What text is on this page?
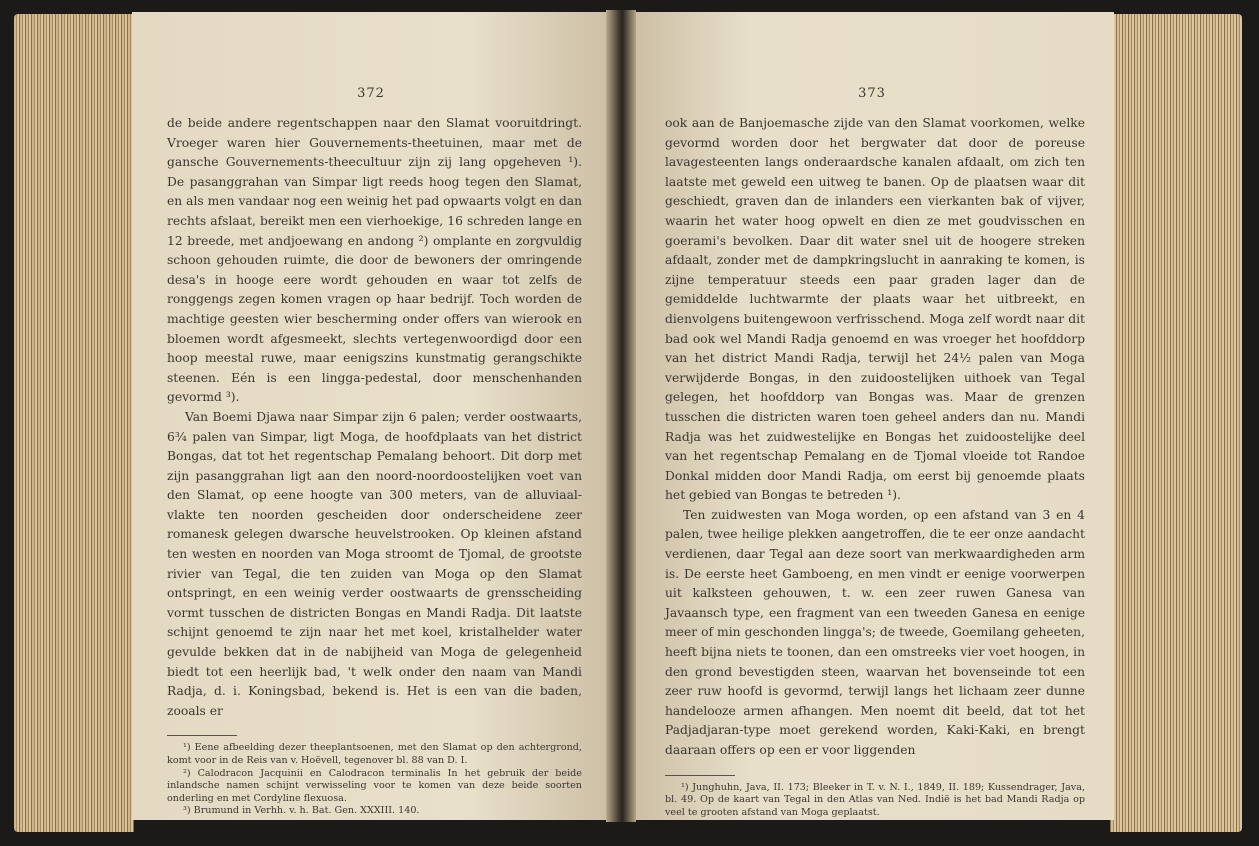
372

de beide andere regentschappen naar den Slamat vooruitdringt. Vroeger waren hier Gouvernements-theetuinen, maar met de gansche Gouvernements-theecultuur zijn zij lang opgeheven ¹). De pasanggrahan van Simpar ligt reeds hoog tegen den Slamat, en als men vandaar nog een weinig het pad opwaarts volgt en dan rechts afslaat, bereikt men een vierhoekige, 16 schreden lange en 12 breede, met andjoewang en andong ²) omplante en zorgvuldig schoon gehouden ruimte, die door de bewoners der omringende desa's in hooge eere wordt gehouden en waar tot zelfs de ronggengs zegen komen vragen op haar bedrijf. Toch worden de machtige geesten wier bescherming onder offers van wierook en bloemen wordt afgesmeekt, slechts vertegenwoordigd door een hoop meestal ruwe, maar eenigszins kunstmatig gerangschikte steenen. Eén is een lingga-pedestal, door menschenhanden gevormd ³).

Van Boemi Djawa naar Simpar zijn 6 palen; verder oostwaarts, 6¾ palen van Simpar, ligt Moga, de hoofdplaats van het district Bongas, dat tot het regentschap Pemalang behoort. Dit dorp met zijn pasanggrahan ligt aan den noord-noordoostelijken voet van den Slamat, op eene hoogte van 300 meters, van de alluviaal-vlakte ten noorden gescheiden door onderscheidene zeer romanesk gelegen dwarsche heuvelstrooken. Op kleinen afstand ten westen en noorden van Moga stroomt de Tjomal, de grootste rivier van Tegal, die ten zuiden van Moga op den Slamat ontspringt, en een weinig verder oostwaarts de grensscheiding vormt tusschen de districten Bongas en Mandi Radja. Dit laatste schijnt genoemd te zijn naar het met koel, kristalhelder water gevulde bekken dat in de nabijheid van Moga de gelegenheid biedt tot een heerlijk bad, 't welk onder den naam van Mandi Radja, d. i. Koningsbad, bekend is. Het is een van die baden, zooals er

¹) Eene afbeelding dezer theeplantsoenen, met den Slamat op den achtergrond, komt voor in de Reis van v. Hoëvell, tegenover bl. 88 van D. I.

²) Calodracon Jacquinii en Calodracon terminalis In het gebruik der beide inlandsche namen schijnt verwisseling voor te komen van deze beide soorten onderling en met Cordyline flexuosa.

³) Brumund in Verhh. v. h. Bat. Gen. XXXIII. 140.

373

ook aan de Banjoemasche zijde van den Slamat voorkomen, welke gevormd worden door het bergwater dat door de poreuse lavagesteenten langs onderaardsche kanalen afdaalt, om zich ten laatste met geweld een uitweg te banen. Op de plaatsen waar dit geschiedt, graven dan de inlanders een vierkanten bak of vijver, waarin het water hoog opwelt en dien ze met goudvisschen en goerami's bevolken. Daar dit water snel uit de hoogere streken afdaalt, zonder met de dampkringslucht in aanraking te komen, is zijne temperatuur steeds een paar graden lager dan de gemiddelde luchtwarmte der plaats waar het uitbreekt, en dienvolgens buitengewoon verfrisschend. Moga zelf wordt naar dit bad ook wel Mandi Radja genoemd en was vroeger het hoofddorp van het district Mandi Radja, terwijl het 24½ palen van Moga verwijderde Bongas, in den zuidoostelijken uithoek van Tegal gelegen, het hoofddorp van Bongas was. Maar de grenzen tusschen die districten waren toen geheel anders dan nu. Mandi Radja was het zuidwestelijke en Bongas het zuidoostelijke deel van het regentschap Pemalang en de Tjomal vloeide tot Randoe Donkal midden door Mandi Radja, om eerst bij genoemde plaats het gebied van Bongas te betreden ¹).

Ten zuidwesten van Moga worden, op een afstand van 3 en 4 palen, twee heilige plekken aangetroffen, die te eer onze aandacht verdienen, daar Tegal aan deze soort van merkwaardigheden arm is. De eerste heet Gamboeng, en men vindt er eenige voorwerpen uit kalksteen gehouwen, t. w. een zeer ruwen Ganesa van Javaansch type, een fragment van een tweeden Ganesa en eenige meer of min geschonden lingga's; de tweede, Goemilang geheeten, heeft bijna niets te toonen, dan een omstreeks vier voet hoogen, in den grond bevestigden steen, waarvan het bovenseinde tot een zeer ruw hoofd is gevormd, terwijl langs het lichaam zeer dunne handelooze armen afhangen. Men noemt dit beeld, dat tot het Padjadjaran-type moet gerekend worden, Kaki-Kaki, en brengt daaraan offers op een er voor liggenden

¹) Junghuhn, Java, II. 173; Bleeker in T. v. N. I., 1849, II. 189; Kussendrager, Java, bl. 49. Op de kaart van Tegal in den Atlas van Ned. Indië is het bad Mandi Radja op veel te grooten afstand van Moga geplaatst.
